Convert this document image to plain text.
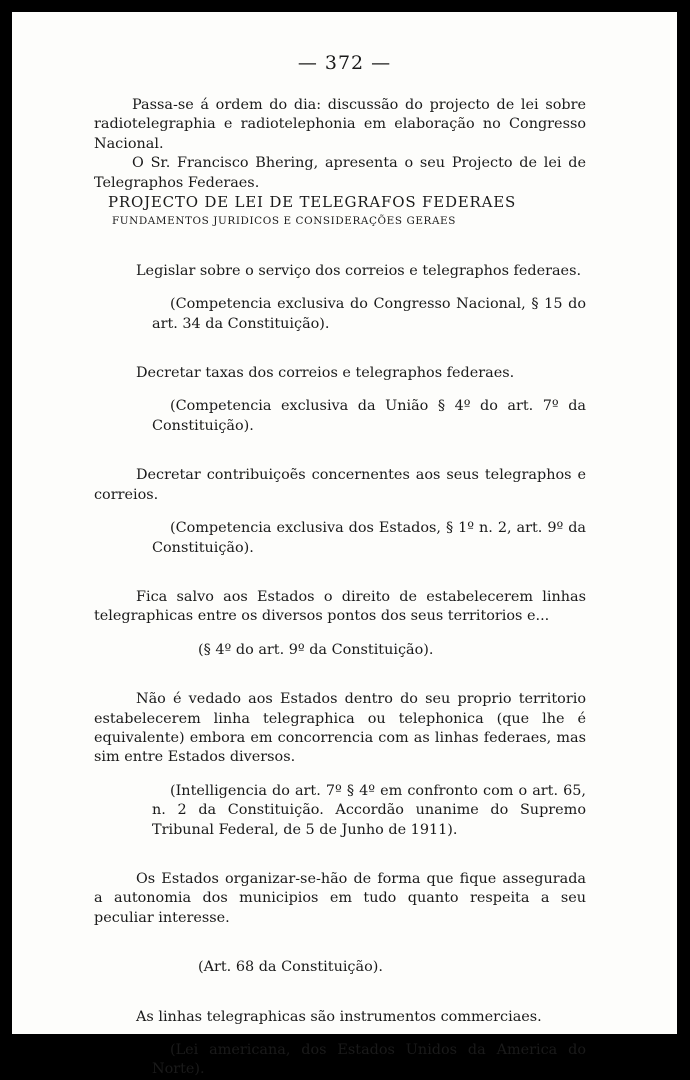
— 372 —

Passa-se á ordem do dia: discussão do projecto de lei sobre radiotelegraphia e radiotelephonia em elaboração no Congresso Nacional.

O Sr. Francisco Bhering, apresenta o seu Projecto de lei de Telegraphos Federaes.

PROJECTO DE LEI DE TELEGRAFOS FEDERAES

FUNDAMENTOS JURIDICOS E CONSIDERAÇÕES GERAES

Legislar sobre o serviço dos correios e telegraphos federaes.

(Competencia exclusiva do Congresso Nacional, § 15 do art. 34 da Constituição).

Decretar taxas dos correios e telegraphos federaes.

(Competencia exclusiva da União § 4º do art. 7º da Constituição).

Decretar contribuiçoẽs concernentes aos seus telegraphos e correios.

(Competencia exclusiva dos Estados, § 1º n. 2, art. 9º da Constituição).

Fica salvo aos Estados o direito de estabelecerem linhas telegraphicas entre os diversos pontos dos seus territorios e...

(§ 4º do art. 9º da Constituição).

Não é vedado aos Estados dentro do seu proprio territorio estabelecerem linha telegraphica ou telephonica (que lhe é equivalente) embora em concorrencia com as linhas federaes, mas sim entre Estados diversos.

(Intelligencia do art. 7º § 4º em confronto com o art. 65, n. 2 da Constituição. Accordão unanime do Supremo Tribunal Federal, de 5 de Junho de 1911).

Os Estados organizar-se-hão de forma que fique assegurada a autonomia dos municipios em tudo quanto respeita a seu peculiar interesse.

(Art. 68 da Constituição).

As linhas telegraphicas são instrumentos commerciaes.

(Lei americana, dos Estados Unidos da America do Norte).
